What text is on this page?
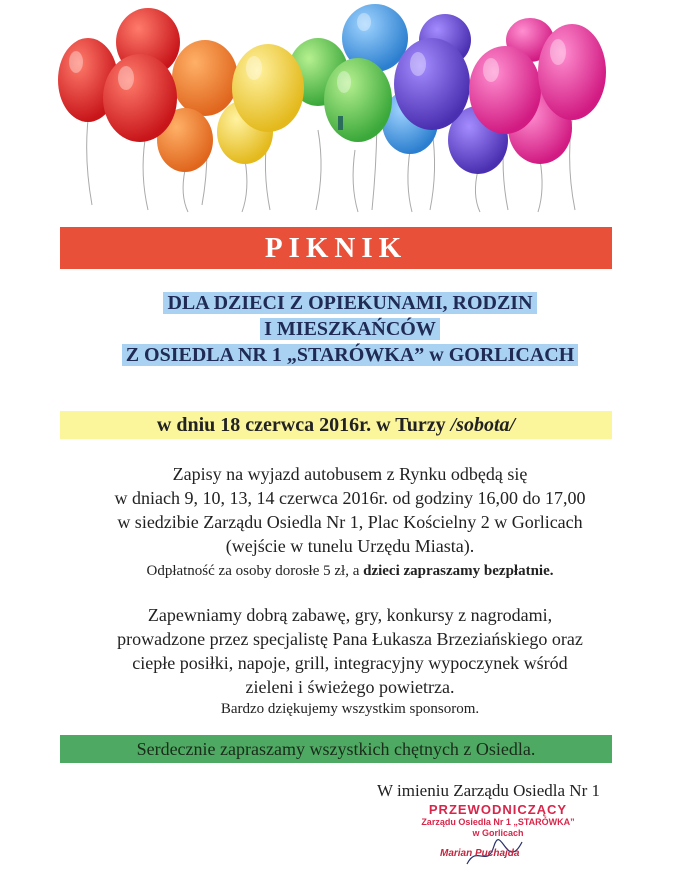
PIKNIK
DLA DZIECI Z OPIEKUNAMI, RODZIN
I MIESZKAŃCÓW
Z OSIEDLA NR 1 „STARÓWKA” w GORLICACH
w dniu 18 czerwca 2016r. w Turzy /sobota/

Zapisy na wyjazd autobusem z Rynku odbędą się

w dniach 9, 10, 13, 14 czerwca 2016r. od godziny 16,00 do 17,00

w siedzibie Zarządu Osiedla Nr 1, Plac Kościelny 2 w Gorlicach

(wejście w tunelu Urzędu Miasta).

Odpłatność za osoby dorosłe 5 zł, a dzieci zapraszamy bezpłatnie.

Zapewniamy dobrą zabawę, gry, konkursy z nagrodami,

prowadzone przez specjalistę Pana Łukasza Brzeziańskiego oraz

ciepłe posiłki, napoje, grill, integracyjny wypoczynek wśród

zieleni i świeżego powietrza.

Bardzo dziękujemy wszystkim sponsorom.

Serdecznie zapraszamy wszystkich chętnych z Osiedla.
W imieniu Zarządu Osiedla Nr 1
PRZEWODNICZĄCY
Zarządu Osiedla Nr 1 „STARÓWKA”
w Gorlicach
Marian Puchajda
